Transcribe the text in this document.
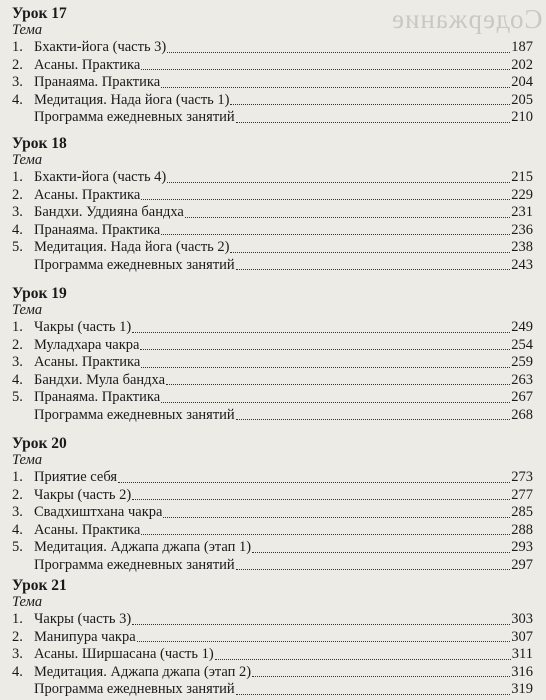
Содержание
Урок 17
Тема
1. Бхакти-йога (часть 3)	187
2. Асаны. Практика	202
3. Пранаяма. Практика	204
4. Медитация. Нада йога (часть 1)	205
Программа ежедневных занятий	210
Урок 18
Тема
1. Бхакти-йога (часть 4)	215
2. Асаны. Практика	229
3. Бандхи. Уддияна бандха	231
4. Пранаяма. Практика	236
5. Медитация. Нада йога (часть 2)	238
Программа ежедневных занятий	243
Урок 19
Тема
1. Чакры (часть 1)	249
2. Муладхара чакра	254
3. Асаны. Практика	259
4. Бандхи. Мула бандха	263
5. Пранаяма. Практика	267
Программа ежедневных занятий	268
Урок 20
Тема
1. Приятие себя	273
2. Чакры (часть 2)	277
3. Свадхиштхана чакра	285
4. Асаны. Практика	288
5. Медитация. Аджапа джапа (этап 1)	293
Программа ежедневных занятий	297
Урок 21
Тема
1. Чакры (часть 3)	303
2. Манипура чакра	307
3. Асаны. Ширшасана (часть 1)	311
4. Медитация. Аджапа джапа (этап 2)	316
Программа ежедневных занятий	319
